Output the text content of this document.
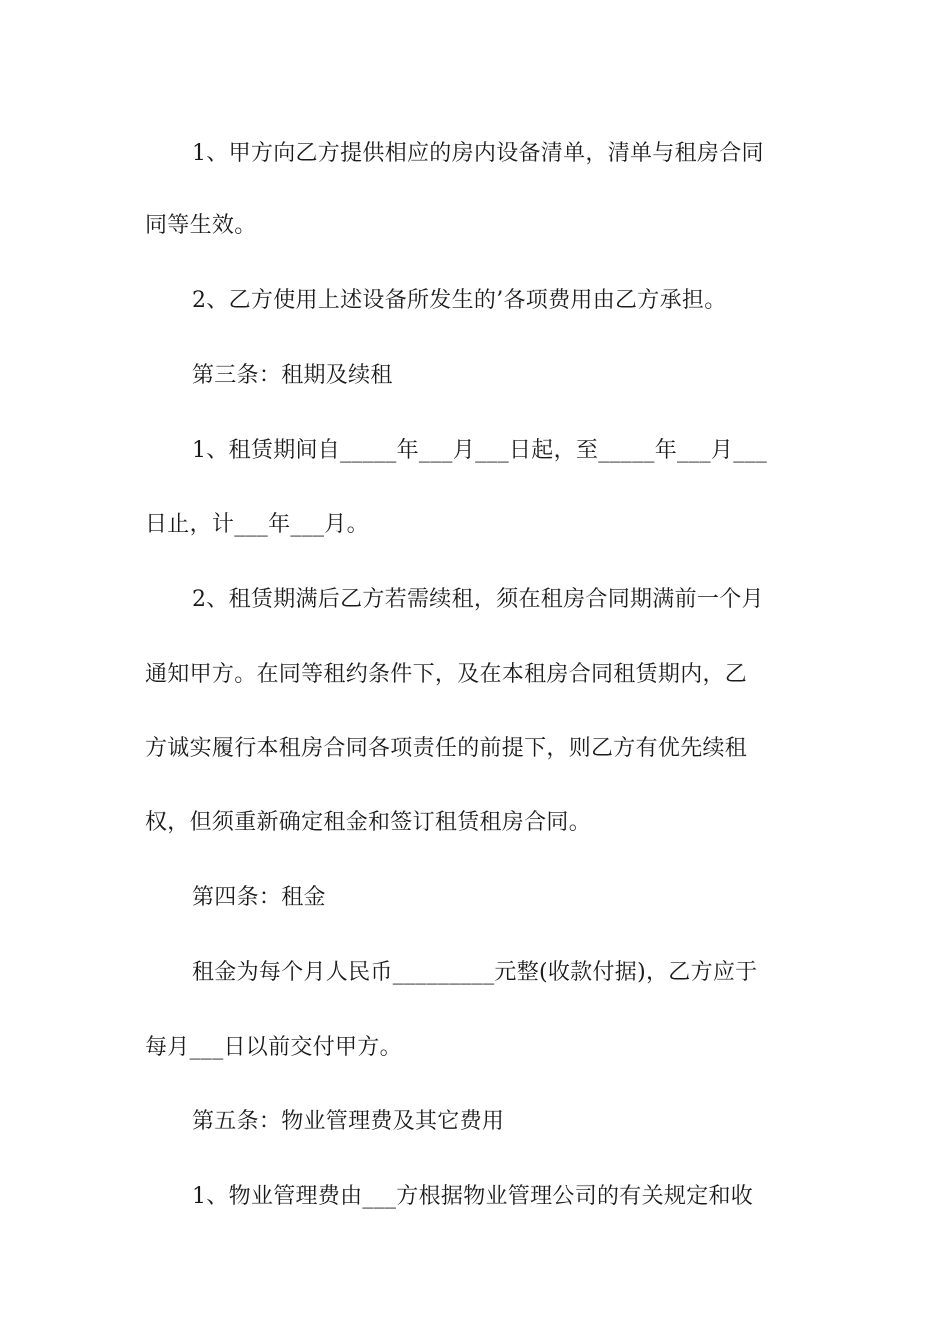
1、甲方向乙方提供相应的房内设备清单，清单与租房合同
同等生效。
2、乙方使用上述设备所发生的’各项费用由乙方承担。
第三条：租期及续租
1、租赁期间自_____年___月___日起，至_____年___月___
日止，计___年___月。
2、租赁期满后乙方若需续租，须在租房合同期满前一个月
通知甲方。在同等租约条件下，及在本租房合同租赁期内，乙
方诚实履行本租房合同各项责任的前提下，则乙方有优先续租
权，但须重新确定租金和签订租赁租房合同。
第四条：租金
租金为每个月人民币_________元整(收款付据)，乙方应于
每月___日以前交付甲方。
第五条：物业管理费及其它费用
1、物业管理费由___方根据物业管理公司的有关规定和收
